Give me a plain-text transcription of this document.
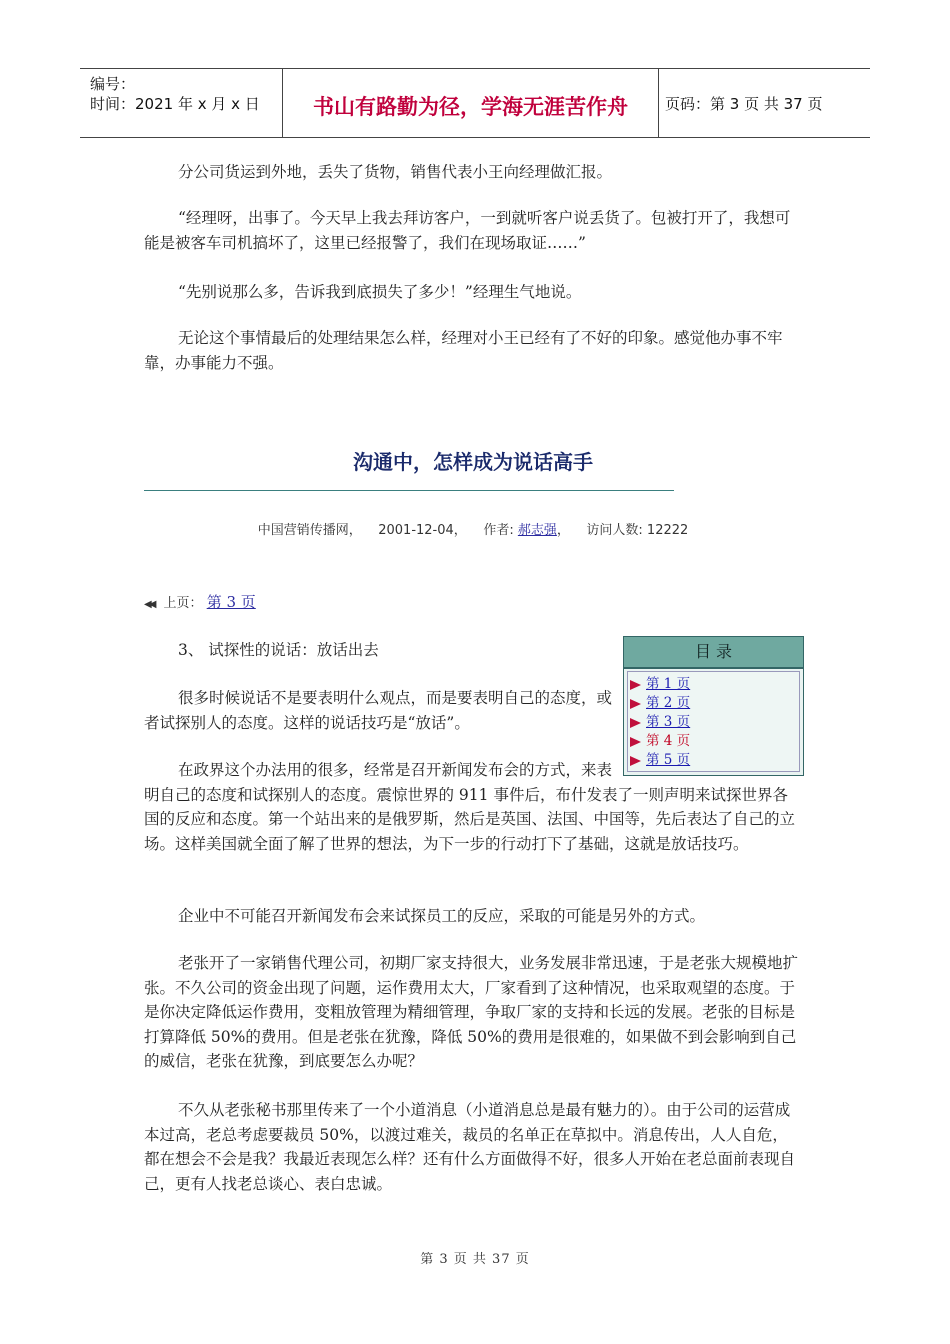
编号：
时间：2021 年 x 月 x 日	书山有路勤为径，学海无涯苦作舟	页码：第 3 页 共 37 页

分公司货运到外地，丢失了货物，销售代表小王向经理做汇报。

“经理呀，出事了。今天早上我去拜访客户，一到就听客户说丢货了。包被打开了，我想可能是被客车司机搞坏了，这里已经报警了，我们在现场取证……”

“先别说那么多，告诉我到底损失了多少！”经理生气地说。

无论这个事情最后的处理结果怎么样，经理对小王已经有了不好的印象。感觉他办事不牢靠，办事能力不强。

沟通中，怎样成为说话高手
中国营销传播网， 2001-12-04， 作者: 郝志强， 访问人数: 12222
◀◀ 上页： 第 3 页
3、 试探性的说话：放话出去	目 录
第 1 页
第 2 页
第 3 页
第 4 页
第 5 页

很多时候说话不是要表明什么观点，而是要表明自己的态度，或者试探别人的态度。这样的说话技巧是“放话”。

在政界这个办法用的很多，经常是召开新闻发布会的方式，来表明自己的态度和试探别人的态度。震惊世界的 911 事件后，布什发表了一则声明来试探世界各国的反应和态度。第一个站出来的是俄罗斯，然后是英国、法国、中国等，先后表达了自己的立场。这样美国就全面了解了世界的想法，为下一步的行动打下了基础，这就是放话技巧。

企业中不可能召开新闻发布会来试探员工的反应，采取的可能是另外的方式。

老张开了一家销售代理公司，初期厂家支持很大，业务发展非常迅速，于是老张大规模地扩张。不久公司的资金出现了问题，运作费用太大，厂家看到了这种情况，也采取观望的态度。于是你决定降低运作费用，变粗放管理为精细管理，争取厂家的支持和长远的发展。老张的目标是打算降低 50%的费用。但是老张在犹豫，降低 50%的费用是很难的，如果做不到会影响到自己的威信，老张在犹豫，到底要怎么办呢？

不久从老张秘书那里传来了一个小道消息（小道消息总是最有魅力的）。由于公司的运营成本过高，老总考虑要裁员 50%，以渡过难关，裁员的名单正在草拟中。消息传出，人人自危，都在想会不会是我？我最近表现怎么样？还有什么方面做得不好，很多人开始在老总面前表现自己，更有人找老总谈心、表白忠诚。

第 3 页 共 37 页
